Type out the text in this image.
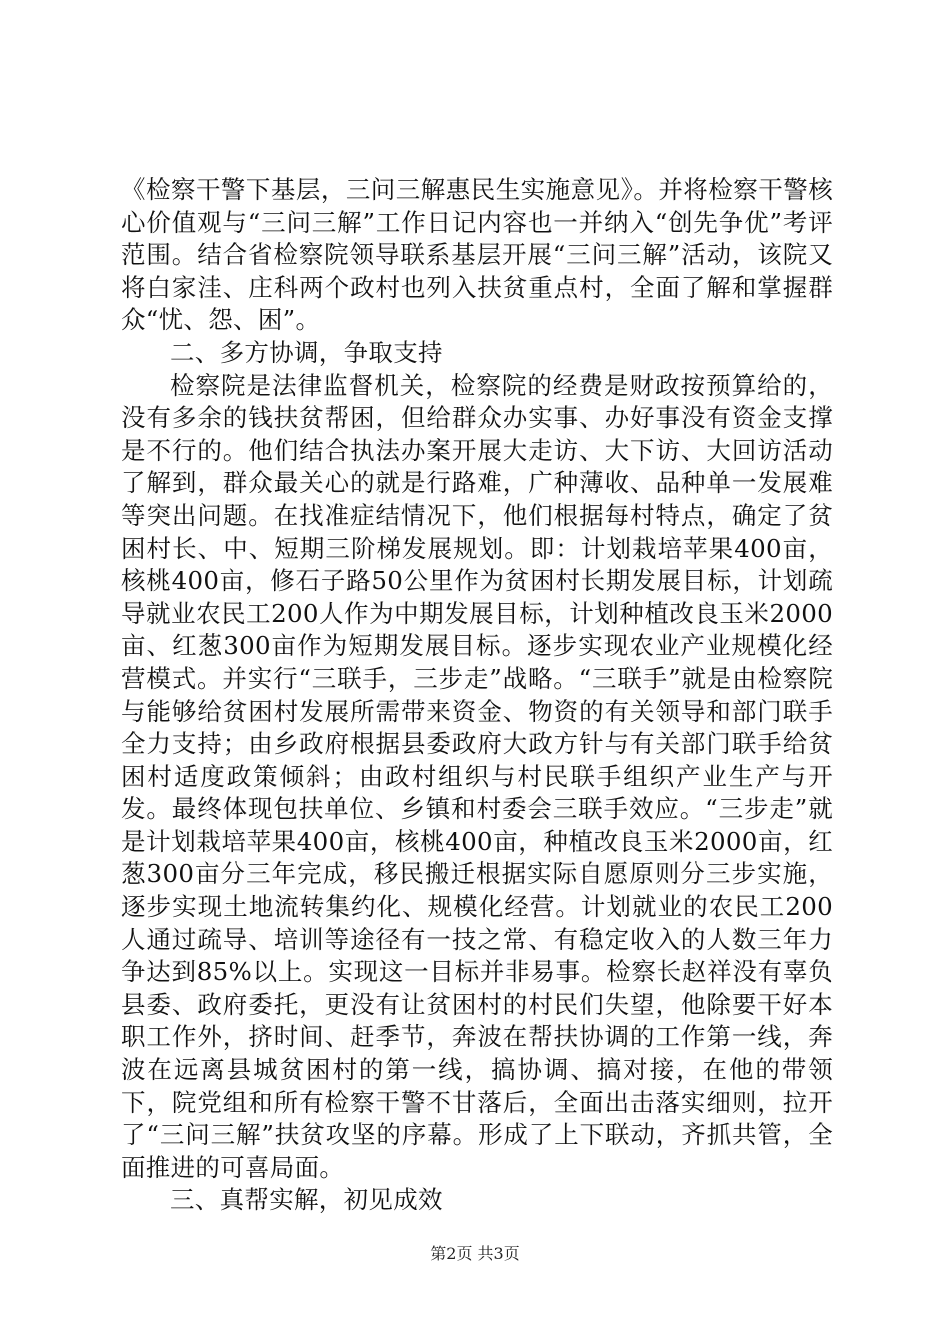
《检察干警下基层，三问三解惠民生实施意见》。并将检察干警核心价值观与“三问三解”工作日记内容也一并纳入“创先争优”考评范围。结合省检察院领导联系基层开展“三问三解”活动，该院又将白家洼、庄科两个政村也列入扶贫重点村，全面了解和掌握群众“忧、怨、困”。

二、多方协调，争取支持

检察院是法律监督机关，检察院的经费是财政按预算给的，没有多余的钱扶贫帮困，但给群众办实事、办好事没有资金支撑是不行的。他们结合执法办案开展大走访、大下访、大回访活动了解到，群众最关心的就是行路难，广种薄收、品种单一发展难等突出问题。在找准症结情况下，他们根据每村特点，确定了贫困村长、中、短期三阶梯发展规划。即：计划栽培苹果400亩，核桃400亩，修石子路50公里作为贫困村长期发展目标，计划疏导就业农民工200人作为中期发展目标，计划种植改良玉米2000亩、红葱300亩作为短期发展目标。逐步实现农业产业规模化经营模式。并实行“三联手，三步走”战略。“三联手”就是由检察院与能够给贫困村发展所需带来资金、物资的有关领导和部门联手全力支持；由乡政府根据县委政府大政方针与有关部门联手给贫困村适度政策倾斜；由政村组织与村民联手组织产业生产与开发。最终体现包扶单位、乡镇和村委会三联手效应。“三步走”就是计划栽培苹果400亩，核桃400亩，种植改良玉米2000亩，红葱300亩分三年完成，移民搬迁根据实际自愿原则分三步实施，逐步实现土地流转集约化、规模化经营。计划就业的农民工200人通过疏导、培训等途径有一技之常、有稳定收入的人数三年力争达到85%以上。实现这一目标并非易事。检察长赵祥没有辜负县委、政府委托，更没有让贫困村的村民们失望，他除要干好本职工作外，挤时间、赶季节，奔波在帮扶协调的工作第一线，奔波在远离县城贫困村的第一线，搞协调、搞对接，在他的带领下，院党组和所有检察干警不甘落后，全面出击落实细则，拉开了“三问三解”扶贫攻坚的序幕。形成了上下联动，齐抓共管，全面推进的可喜局面。

三、真帮实解，初见成效

第2页 共3页
